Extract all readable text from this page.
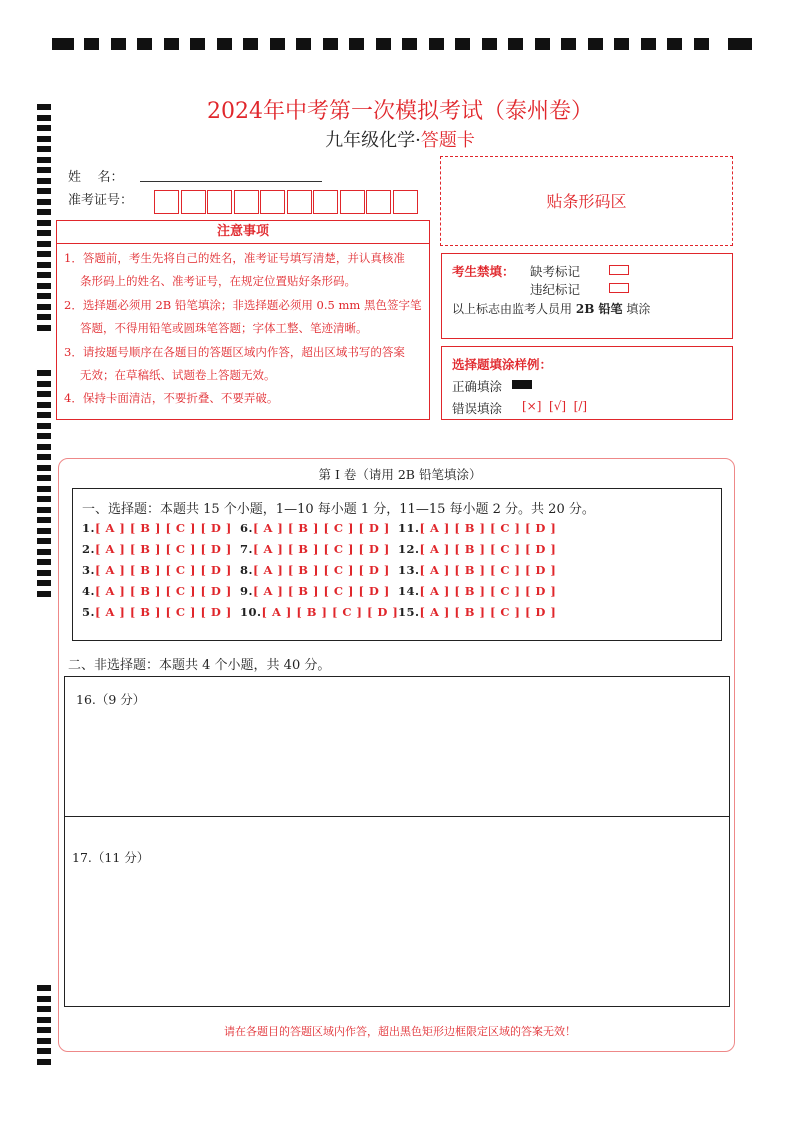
2024年中考第一次模拟考试（泰州卷）
九年级化学·答题卡
姓    名：
准考证号：	贴条形码区
注意事项
1．答题前，考生先将自己的姓名，准考证号填写清楚，并认真核准
条形码上的姓名、准考证号，在规定位置贴好条形码。
2．选择题必须用 2B 铅笔填涂；非选择题必须用 0.5 mm 黑色签字笔
答题，不得用铅笔或圆珠笔答题；字体工整、笔迹清晰。
3．请按题号顺序在各题目的答题区域内作答，超出区域书写的答案
无效；在草稿纸、试题卷上答题无效。
4．保持卡面清洁，不要折叠、不要弄破。
考生禁填： 缺考标记
违纪标记
以上标志由监考人员用 2B 铅笔 填涂
选择题填涂样例：
正确填涂
错误填涂 [×]  [√]  [/]
第 I 卷（请用 2B 铅笔填涂）
一、选择题：本题共 15 个小题，1—10 每小题 1 分，11—15 每小题 2 分。共 20 分。
1.[ A ] [ B ] [ C ] [ D ]
2.[ A ] [ B ] [ C ] [ D ]
3.[ A ] [ B ] [ C ] [ D ]
4.[ A ] [ B ] [ C ] [ D ]
5.[ A ] [ B ] [ C ] [ D ]
6.[ A ] [ B ] [ C ] [ D ]
7.[ A ] [ B ] [ C ] [ D ]
8.[ A ] [ B ] [ C ] [ D ]
9.[ A ] [ B ] [ C ] [ D ]
10.[ A ] [ B ] [ C ] [ D ]
11.[ A ] [ B ] [ C ] [ D ]
12.[ A ] [ B ] [ C ] [ D ]
13.[ A ] [ B ] [ C ] [ D ]
14.[ A ] [ B ] [ C ] [ D ]
15.[ A ] [ B ] [ C ] [ D ]
二、非选择题：本题共 4 个小题，共 40 分。
16.（9 分）
17.（11 分）
请在各题目的答题区域内作答，超出黑色矩形边框限定区域的答案无效！
